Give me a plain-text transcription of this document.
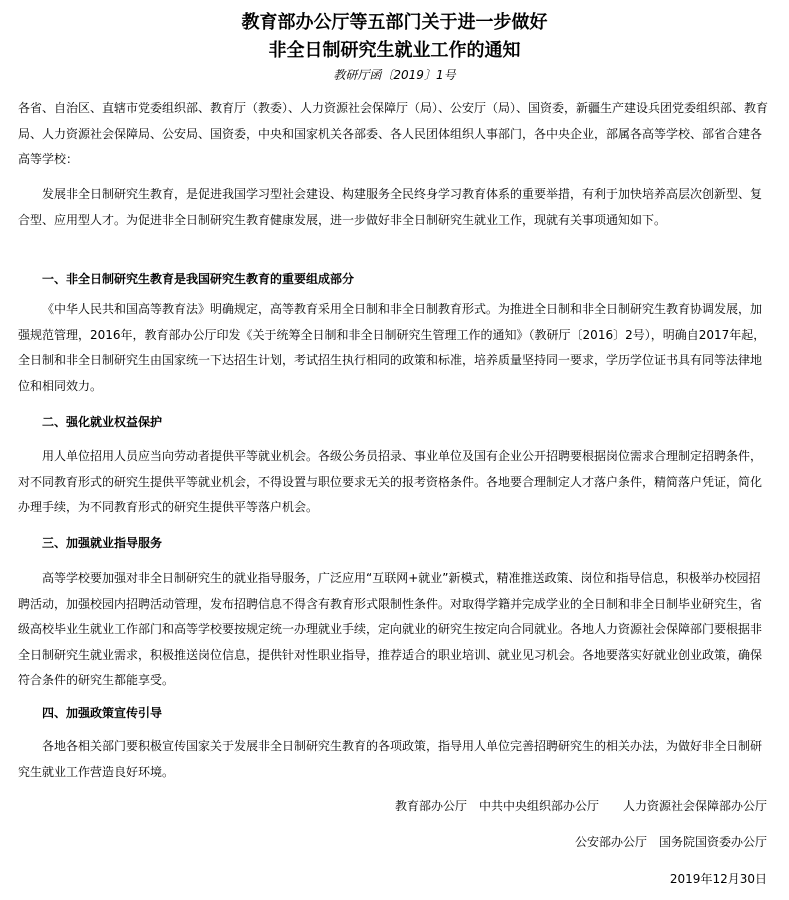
教育部办公厅等五部门关于进一步做好
非全日制研究生就业工作的通知

教研厅函〔2019〕1号

各省、自治区、直辖市党委组织部、教育厅（教委）、人力资源社会保障厅（局）、公安厅（局）、国资委，新疆生产建设兵团党委组织部、教育局、人力资源社会保障局、公安局、国资委，中央和国家机关各部委、各人民团体组织人事部门，各中央企业，部属各高等学校、部省合建各高等学校：

发展非全日制研究生教育，是促进我国学习型社会建设、构建服务全民终身学习教育体系的重要举措，有利于加快培养高层次创新型、复合型、应用型人才。为促进非全日制研究生教育健康发展，进一步做好非全日制研究生就业工作，现就有关事项通知如下。

一、非全日制研究生教育是我国研究生教育的重要组成部分

《中华人民共和国高等教育法》明确规定，高等教育采用全日制和非全日制教育形式。为推进全日制和非全日制研究生教育协调发展，加强规范管理，2016年，教育部办公厅印发《关于统筹全日制和非全日制研究生管理工作的通知》（教研厅〔2016〕2号），明确自2017年起，全日制和非全日制研究生由国家统一下达招生计划，考试招生执行相同的政策和标准，培养质量坚持同一要求，学历学位证书具有同等法律地位和相同效力。

二、强化就业权益保护

用人单位招用人员应当向劳动者提供平等就业机会。各级公务员招录、事业单位及国有企业公开招聘要根据岗位需求合理制定招聘条件，对不同教育形式的研究生提供平等就业机会，不得设置与职位要求无关的报考资格条件。各地要合理制定人才落户条件，精简落户凭证，简化办理手续，为不同教育形式的研究生提供平等落户机会。

三、加强就业指导服务

高等学校要加强对非全日制研究生的就业指导服务，广泛应用“互联网+就业”新模式，精准推送政策、岗位和指导信息，积极举办校园招聘活动，加强校园内招聘活动管理，发布招聘信息不得含有教育形式限制性条件。对取得学籍并完成学业的全日制和非全日制毕业研究生，省级高校毕业生就业工作部门和高等学校要按规定统一办理就业手续，定向就业的研究生按定向合同就业。各地人力资源社会保障部门要根据非全日制研究生就业需求，积极推送岗位信息，提供针对性职业指导，推荐适合的职业培训、就业见习机会。各地要落实好就业创业政策，确保符合条件的研究生都能享受。

四、加强政策宣传引导

各地各相关部门要积极宣传国家关于发展非全日制研究生教育的各项政策，指导用人单位完善招聘研究生的相关办法，为做好非全日制研究生就业工作营造良好环境。

教育部办公厅　中共中央组织部办公厅　　人力资源社会保障部办公厅

公安部办公厅　国务院国资委办公厅

2019年12月30日
